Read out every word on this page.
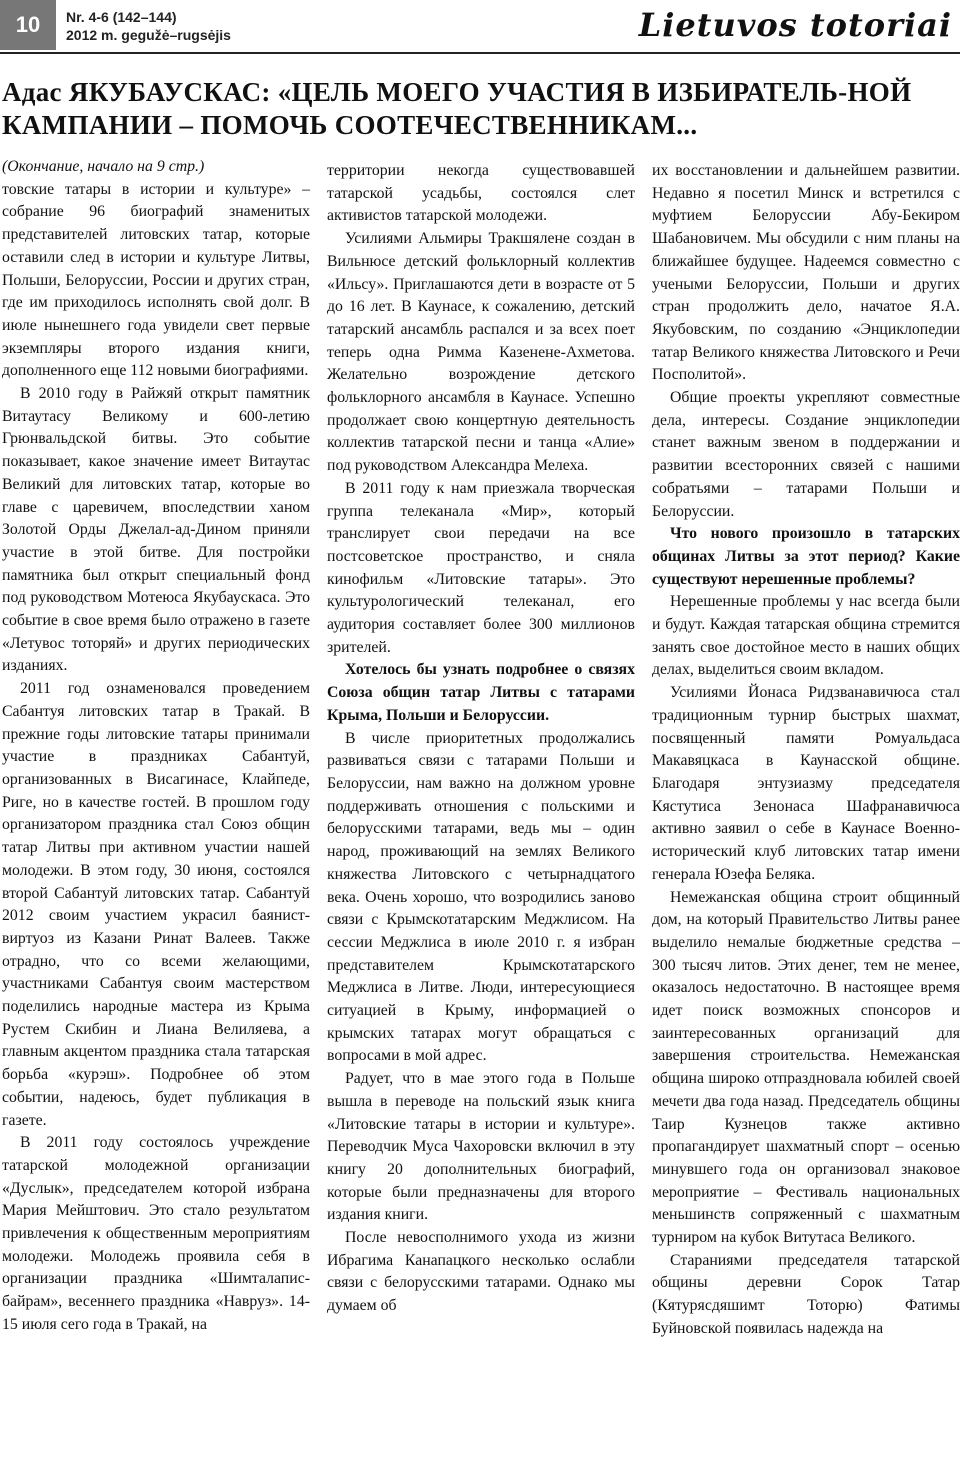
10	Nr. 4-6 (142–144)
2012 m. gegužė–rugsėjis	Lietuvos totoriai
Адас ЯКУБАУСКАС: «ЦЕЛЬ МОЕГО УЧАСТИЯ В ИЗБИРАТЕЛЬ-НОЙ КАМПАНИИ – ПОМОЧЬ СООТЕЧЕСТВЕННИКАМ...
(Окончание, начало на 9 стр.)

товские татары в истории и культуре» – собрание 96 биографий знаменитых представителей литовских татар, которые оставили след в истории и культуре Литвы, Польши, Белоруссии, России и других стран, где им приходилось исполнять свой долг. В июле нынешнего года увидели свет первые экземпляры второго издания книги, дополненного еще 112 новыми биографиями.

В 2010 году в Райжяй открыт памятник Витаутасу Великому и 600-летию Грюнвальдской битвы. Это событие показывает, какое значение имеет Витаутас Великий для литовских татар, которые во главе с царевичем, впоследствии ханом Золотой Орды Джелал-ад-Дином приняли участие в этой битве. Для постройки памятника был открыт специальный фонд под руководством Мотеюса Якубаускаса. Это событие в свое время было отражено в газете «Летувос тоторяй» и других периодических изданиях.

2011 год ознаменовался проведением Сабантуя литовских татар в Тракай. В прежние годы литовские татары принимали участие в праздниках Сабантуй, организованных в Висагинасе, Клайпеде, Риге, но в качестве гостей. В прошлом году организатором праздника стал Союз общин татар Литвы при активном участии нашей молодежи. В этом году, 30 июня, состоялся второй Сабантуй литовских татар. Сабантуй 2012 своим участием украсил баянист-виртуоз из Казани Ринат Валеев. Также отрадно, что со всеми желающими, участниками Сабантуя своим мастерством поделились народные мастера из Крыма Рустем Скибин и Лиана Велиляева, а главным акцентом праздника стала татарская борьба «курэш». Подробнее об этом событии, надеюсь, будет публикация в газете.

В 2011 году состоялось учреждение татарской молодежной организации «Дуслык», председателем которой избрана Мария Мейштович. Это стало результатом привлечения к общественным мероприятиям молодежи. Молодежь проявила себя в организации праздника «Шимталапис-байрам», весеннего праздника «Навруз». 14-15 июля сего года в Тракай, на

территории некогда существовавшей татарской усадьбы, состоялся слет активистов татарской молодежи.

Усилиями Альмиры Тракшялене создан в Вильнюсе детский фольклорный коллектив «Ильсу». Приглашаются дети в возрасте от 5 до 16 лет. В Каунасе, к сожалению, детский татарский ансамбль распался и за всех поет теперь одна Римма Казенене-Ахметова. Желательно возрождение детского фольклорного ансамбля в Каунасе. Успешно продолжает свою концертную деятельность коллектив татарской песни и танца «Алие» под руководством Александра Мелеха.

В 2011 году к нам приезжала творческая группа телеканала «Мир», который транслирует свои передачи на все постсоветское пространство, и сняла кинофильм «Литовские татары». Это культурологический телеканал, его аудитория составляет более 300 миллионов зрителей.

Хотелось бы узнать подробнее о связях Союза общин татар Литвы с татарами Крыма, Польши и Белоруссии.

В числе приоритетных продолжались развиваться связи с татарами Польши и Белоруссии, нам важно на должном уровне поддерживать отношения с польскими и белорусскими татарами, ведь мы – один народ, проживающий на землях Великого княжества Литовского с четырнадцатого века. Очень хорошо, что возродились заново связи с Крымскотатарским Меджлисом. На сессии Меджлиса в июле 2010 г. я избран представителем Крымскотатарского Меджлиса в Литве. Люди, интересующиеся ситуацией в Крыму, информацией о крымских татарах могут обращаться с вопросами в мой адрес.

Радует, что в мае этого года в Польше вышла в переводе на польский язык книга «Литовские татары в истории и культуре». Переводчик Муса Чахоровски включил в эту книгу 20 дополнительных биографий, которые были предназначены для второго издания книги.

После невосполнимого ухода из жизни Ибрагима Канапацкого несколько ослабли связи с белорусскими татарами. Однако мы думаем об

их восстановлении и дальнейшем развитии. Недавно я посетил Минск и встретился с муфтием Белоруссии Абу-Бекиром Шабановичем. Мы обсудили с ним планы на ближайшее будущее. Надеемся совместно с учеными Белоруссии, Польши и других стран продолжить дело, начатое Я.А. Якубовским, по созданию «Энциклопедии татар Великого княжества Литовского и Речи Посполитой».

Общие проекты укрепляют совместные дела, интересы. Создание энциклопедии станет важным звеном в поддержании и развитии всесторонних связей с нашими собратьями – татарами Польши и Белоруссии.

Что нового произошло в татарских общинах Литвы за этот период? Какие существуют нерешенные проблемы?

Нерешенные проблемы у нас всегда были и будут. Каждая татарская община стремится занять свое достойное место в наших общих делах, выделиться своим вкладом.

Усилиями Йонаса Ридзванавичюса стал традиционным турнир быстрых шахмат, посвященный памяти Ромуальдаса Макавяцкаса в Каунасской общине. Благодаря энтузиазму председателя Кястутиса Зенонаса Шафранавичюса активно заявил о себе в Каунасе Военно-исторический клуб литовских татар имени генерала Юзефа Беляка.

Немежанская община строит общинный дом, на который Правительство Литвы ранее выделило немалые бюджетные средства – 300 тысяч литов. Этих денег, тем не менее, оказалось недостаточно. В настоящее время идет поиск возможных спонсоров и заинтересованных организаций для завершения строительства. Немежанская община широко отпраздновала юбилей своей мечети два года назад. Председатель общины Таир Кузнецов также активно пропагандирует шахматный спорт – осенью минувшего года он организовал знаковое мероприятие – Фестиваль национальных меньшинств сопряженный с шахматным турниром на кубок Витутаса Великого.

Стараниями председателя татарской общины деревни Сорок Татар (Кятурясдяшимт Тоторю) Фатимы Буйновской появилась надежда на
